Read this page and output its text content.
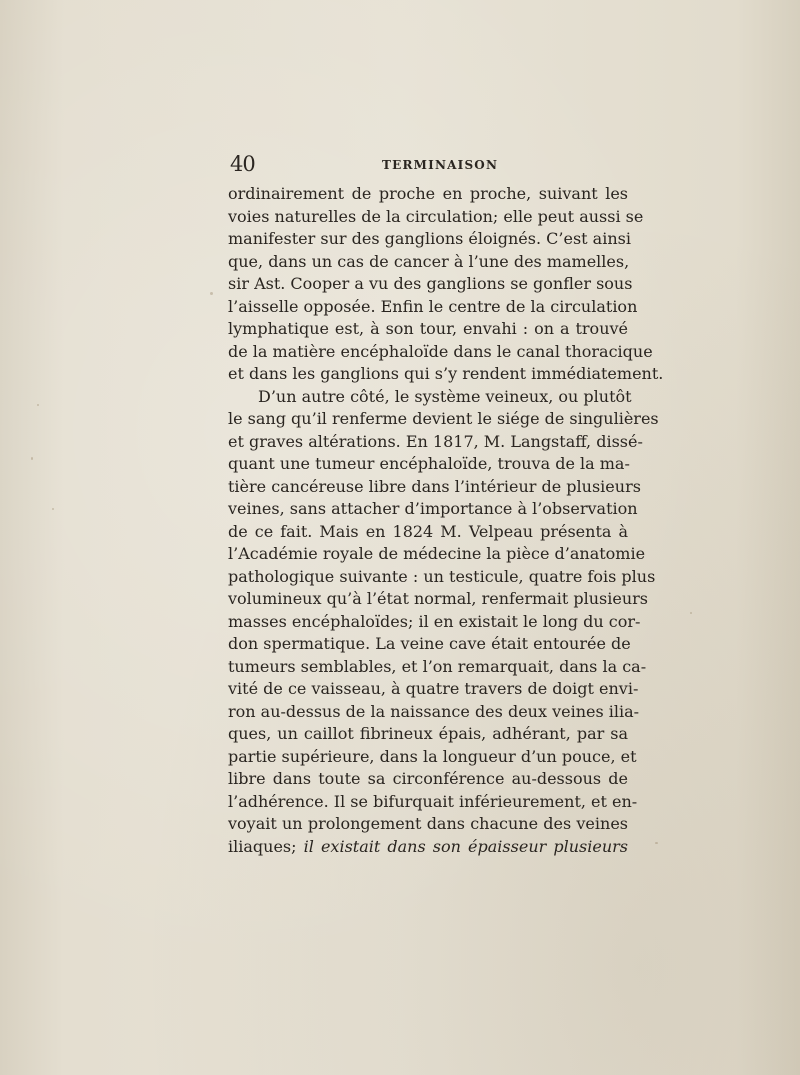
40	TERMINAISON
ordinairement de proche en proche, suivant les
voies naturelles de la circulation; elle peut aussi se
manifester sur des ganglions éloignés. C’est ainsi
que, dans un cas de cancer à l’une des mamelles,
sir Ast. Cooper a vu des ganglions se gonfler sous
l’aisselle opposée. Enfin le centre de la circulation
lymphatique est, à son tour, envahi : on a trouvé
de la matière encéphaloïde dans le canal thoracique
et dans les ganglions qui s’y rendent immédiatement.
D’un autre côté, le système veineux, ou plutôt
le sang qu’il renferme devient le siége de singulières
et graves altérations. En 1817, M. Langstaff, dissé-
quant une tumeur encéphaloïde, trouva de la ma-
tière cancéreuse libre dans l’intérieur de plusieurs
veines, sans attacher d’importance à l’observation
de ce fait. Mais en 1824 M. Velpeau présenta à
l’Académie royale de médecine la pièce d’anatomie
pathologique suivante : un testicule, quatre fois plus
volumineux qu’à l’état normal, renfermait plusieurs
masses encéphaloïdes; il en existait le long du cor-
don spermatique. La veine cave était entourée de
tumeurs semblables, et l’on remarquait, dans la ca-
vité de ce vaisseau, à quatre travers de doigt envi-
ron au-dessus de la naissance des deux veines ilia-
ques, un caillot fibrineux épais, adhérant, par sa
partie supérieure, dans la longueur d’un pouce, et
libre dans toute sa circonférence au-dessous de
l’adhérence. Il se bifurquait inférieurement, et en-
voyait un prolongement dans chacune des veines
iliaques; il existait dans son épaisseur plusieurs
